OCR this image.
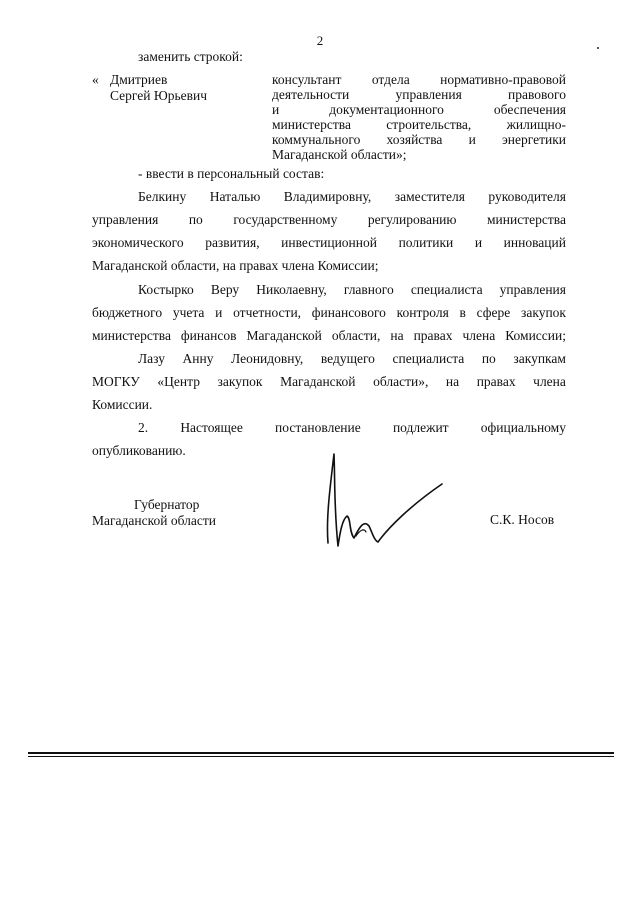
2
заменить строкой:
« Дмитриев
Сергей Юрьевич
консультант отдела нормативно-правовой
деятельности управления правового
и документационного обеспечения
министерства строительства, жилищно-
коммунального хозяйства и энергетики
Магаданской области»;
- ввести в персональный состав:
Белкину Наталью Владимировну, заместителя руководителя
управления по государственному регулированию министерства
экономического развития, инвестиционной политики и инноваций
Магаданской области, на правах члена Комиссии;
Костырко Веру Николаевну, главного специалиста управления
бюджетного учета и отчетности, финансового контроля в сфере закупок
министерства финансов Магаданской области, на правах члена Комиссии;
Лазу Анну Леонидовну, ведущего специалиста по закупкам
МОГКУ «Центр закупок Магаданской области», на правах члена
Комиссии.
2. Настоящее постановление подлежит официальному
опубликованию.
Губернатор
Магаданской области	С.К. Носов
